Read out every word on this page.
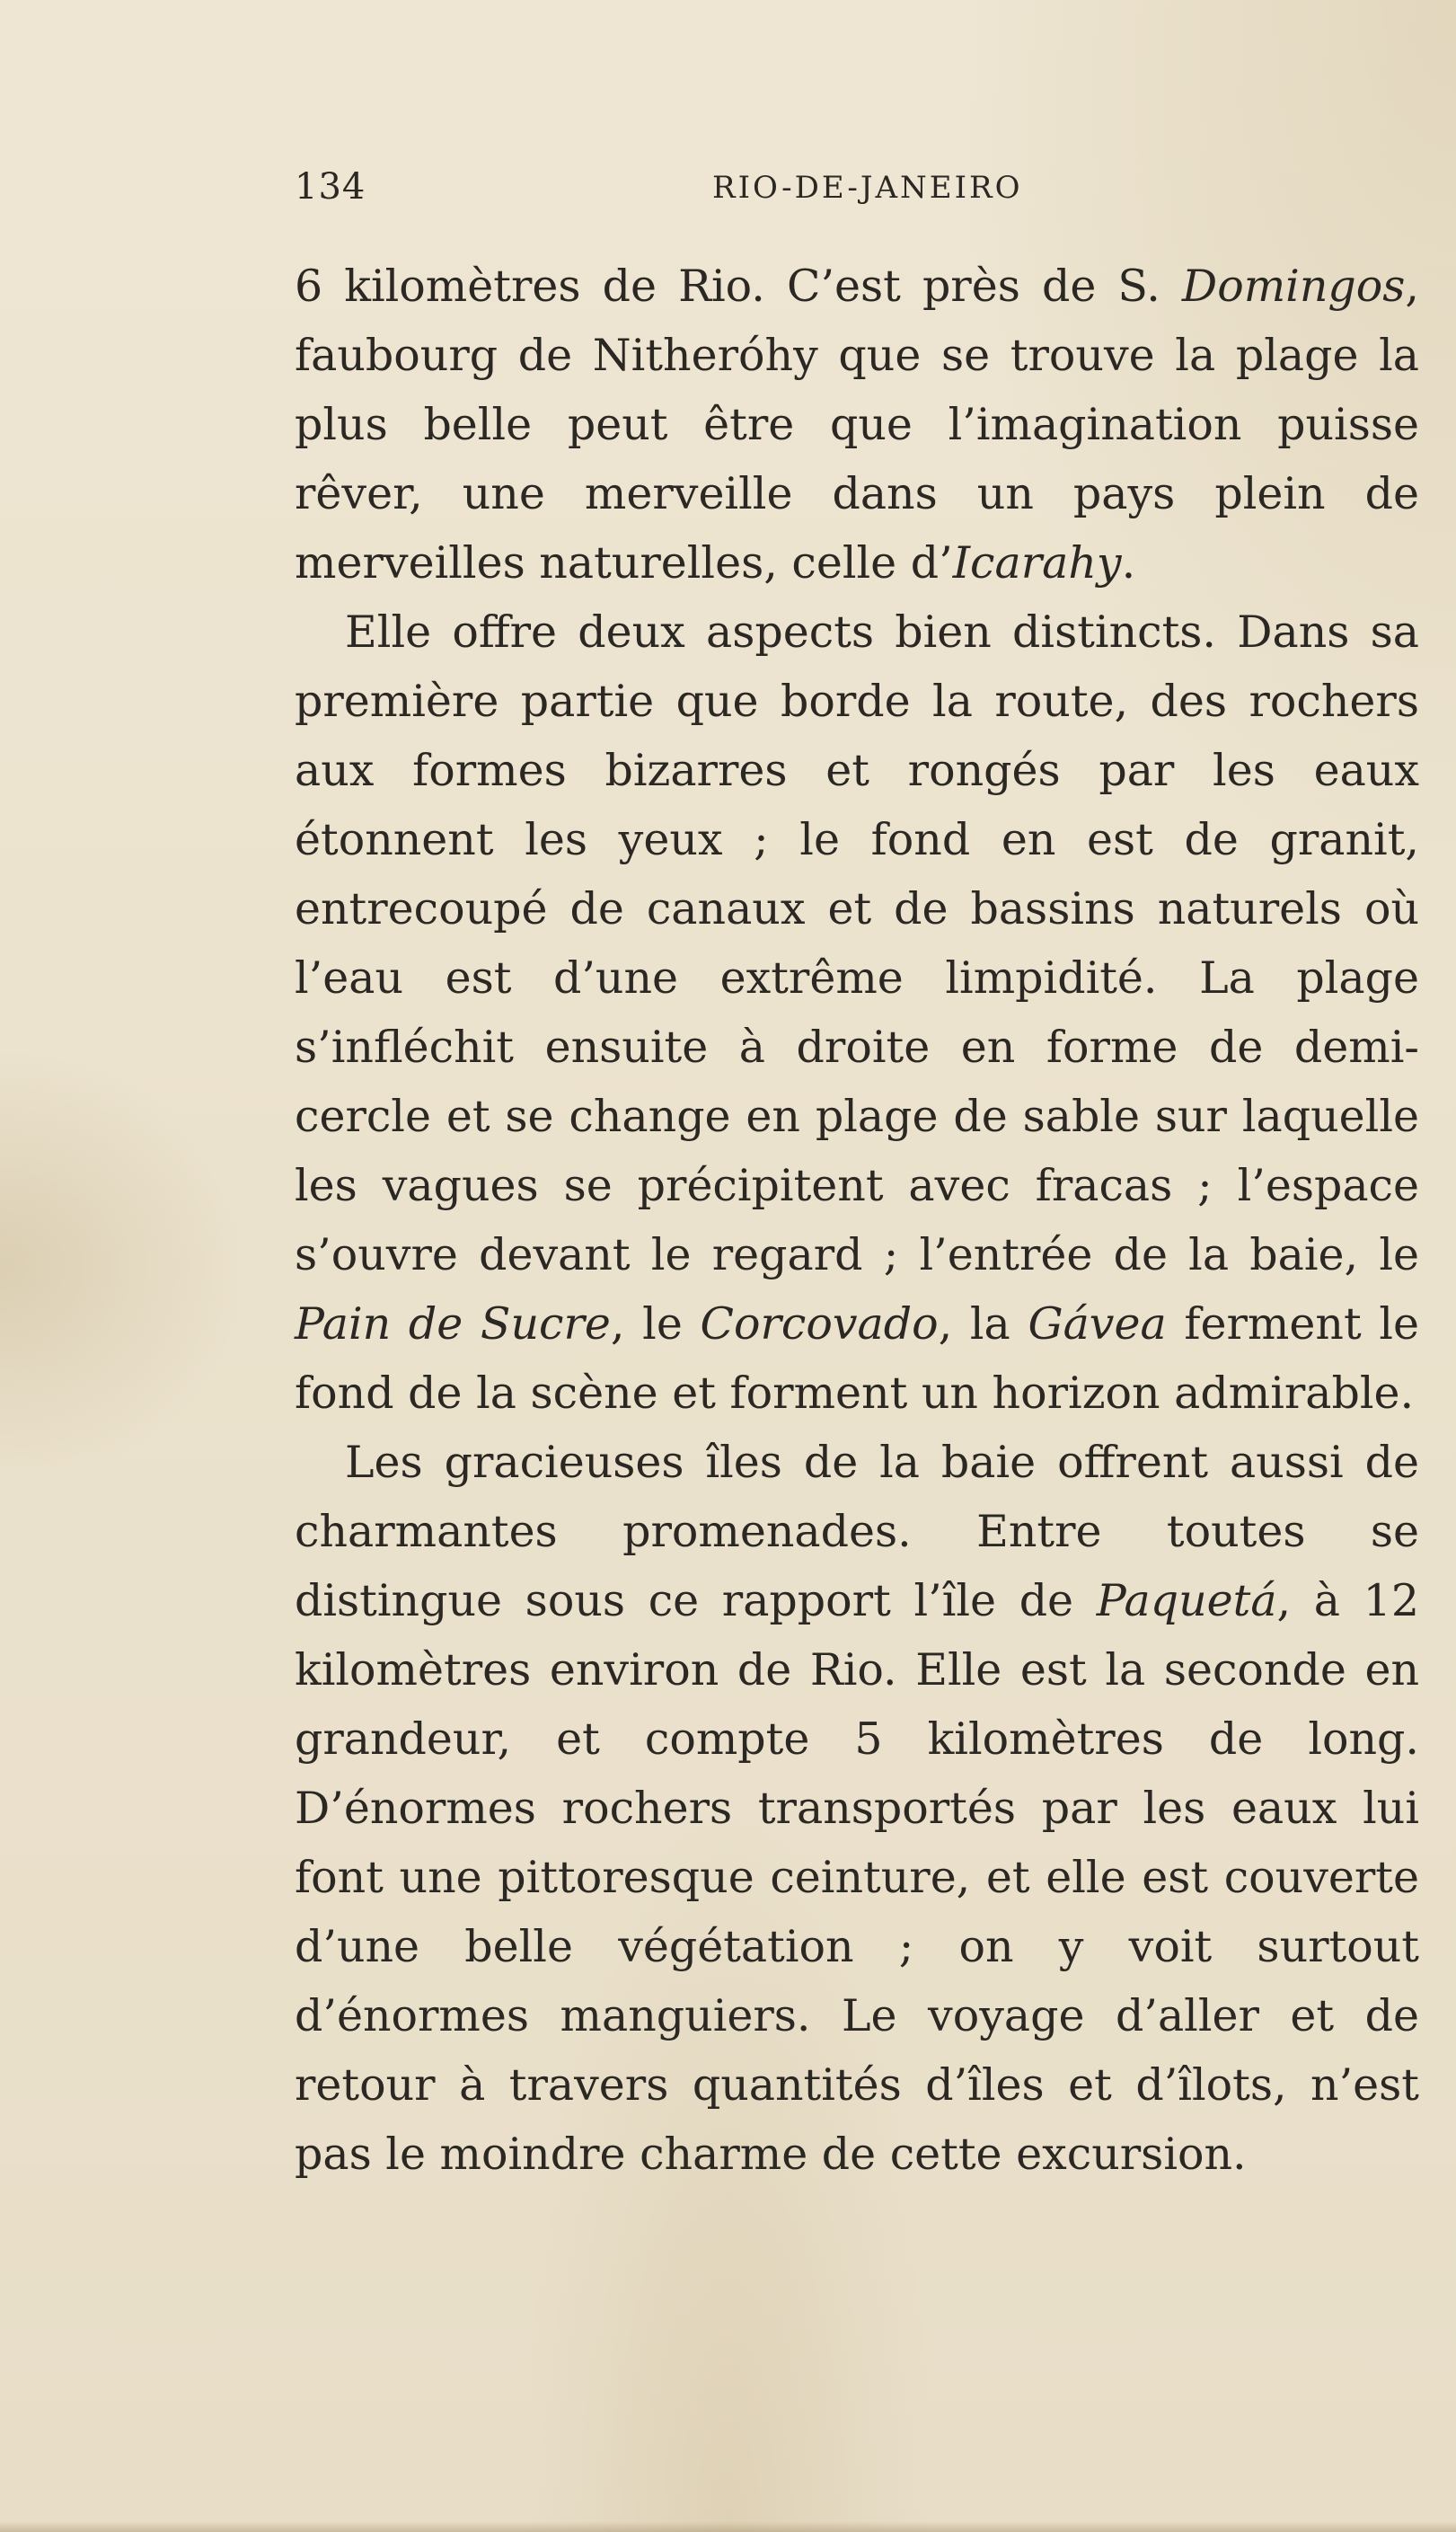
134	RIO-DE-JANEIRO

6 kilomètres de Rio. C’est près de S. Domingos, faubourg de Nitheróhy que se trouve la plage la plus belle peut être que l’imagination puisse rêver, une merveille dans un pays plein de merveilles naturelles, celle d’Icarahy.

Elle offre deux aspects bien distincts. Dans sa première partie que borde la route, des rochers aux formes bizarres et rongés par les eaux étonnent les yeux ; le fond en est de granit, entrecoupé de canaux et de bassins naturels où l’eau est d’une extrême limpidité. La plage s’infléchit ensuite à droite en forme de demi-cercle et se change en plage de sable sur laquelle les vagues se précipitent avec fracas ; l’espace s’ouvre devant le regard ; l’entrée de la baie, le Pain de Sucre, le Corcovado, la Gávea ferment le fond de la scène et forment un horizon admirable.

Les gracieuses îles de la baie offrent aussi de charmantes promenades. Entre toutes se distingue sous ce rapport l’île de Paquetá, à 12 kilomètres environ de Rio. Elle est la seconde en grandeur, et compte 5 kilomètres de long. D’énormes rochers transportés par les eaux lui font une pittoresque ceinture, et elle est couverte d’une belle végétation ; on y voit surtout d’énormes manguiers. Le voyage d’aller et de retour à travers quantités d’îles et d’îlots, n’est pas le moindre charme de cette excursion.
